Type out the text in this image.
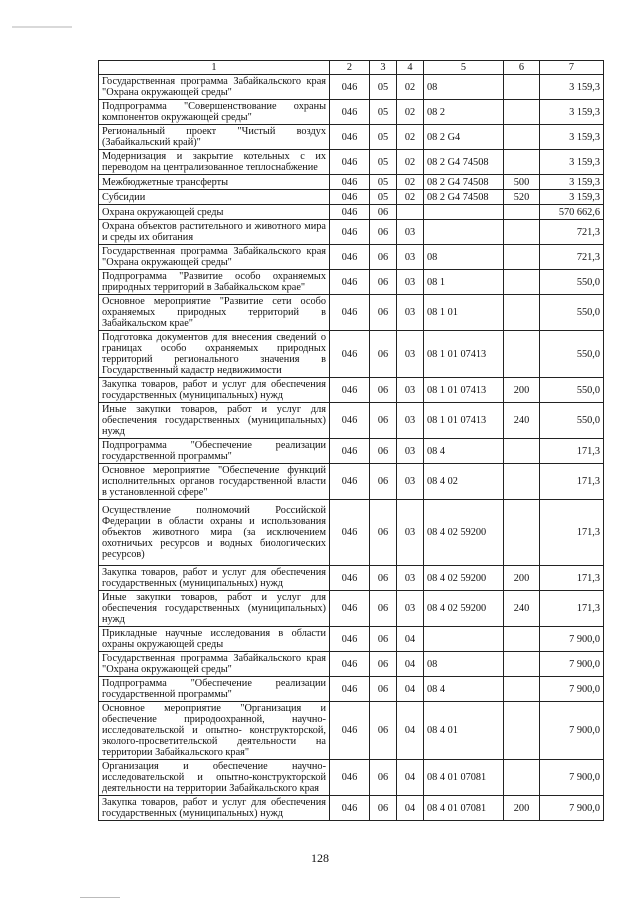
1	2	3	4	5	6	7
Государственная программа Забайкальского края "Охрана окружающей среды"	046	05	02	08		3 159,3
Подпрограмма "Совершенствование охраны компонентов окружающей среды"	046	05	02	08 2		3 159,3
Региональный проект "Чистый воздух (Забайкальский край)"	046	05	02	08 2 G4		3 159,3
Модернизация и закрытие котельных с их переводом на централизованное теплоснабжение	046	05	02	08 2 G4 74508		3 159,3
Межбюджетные трансферты	046	05	02	08 2 G4 74508	500	3 159,3
Субсидии	046	05	02	08 2 G4 74508	520	3 159,3
Охрана окружающей среды	046	06				570 662,6
Охрана объектов растительного и животного мира и среды их обитания	046	06	03			721,3
Государственная программа Забайкальского края "Охрана окружающей среды"	046	06	03	08		721,3
Подпрограмма "Развитие особо охраняемых природных территорий в Забайкальском крае"	046	06	03	08 1		550,0
Основное мероприятие "Развитие сети особо охраняемых природных территорий в Забайкальском крае"	046	06	03	08 1 01		550,0
Подготовка документов для внесения сведений о границах особо охраняемых природных территорий регионального значения в Государственный кадастр недвижимости	046	06	03	08 1 01 07413		550,0
Закупка товаров, работ и услуг для обеспечения государственных (муниципальных) нужд	046	06	03	08 1 01 07413	200	550,0
Иные закупки товаров, работ и услуг для обеспечения государственных (муниципальных) нужд	046	06	03	08 1 01 07413	240	550,0
Подпрограмма "Обеспечение реализации государственной программы"	046	06	03	08 4		171,3
Основное мероприятие "Обеспечение функций исполнительных органов государственной власти в установленной сфере"	046	06	03	08 4 02		171,3
Осуществление полномочий Российской Федерации в области охраны и использования объектов животного мира (за исключением охотничьих ресурсов и водных биологических ресурсов)	046	06	03	08 4 02 59200		171,3
Закупка товаров, работ и услуг для обеспечения государственных (муниципальных) нужд	046	06	03	08 4 02 59200	200	171,3
Иные закупки товаров, работ и услуг для обеспечения государственных (муниципальных) нужд	046	06	03	08 4 02 59200	240	171,3
Прикладные научные исследования в области охраны окружающей среды	046	06	04			7 900,0
Государственная программа Забайкальского края "Охрана окружающей среды"	046	06	04	08		7 900,0
Подпрограмма "Обеспечение реализации государственной программы"	046	06	04	08 4		7 900,0
Основное мероприятие "Организация и обеспечение природоохранной, научно-исследовательской и опытно- конструкторской, эколого-просветительской деятельности на территории Забайкальского края"	046	06	04	08 4 01		7 900,0
Организация и обеспечение научно-исследовательской и опытно-конструкторской деятельности на территории Забайкальского края	046	06	04	08 4 01 07081		7 900,0
Закупка товаров, работ и услуг для обеспечения государственных (муниципальных) нужд	046	06	04	08 4 01 07081	200	7 900,0
128
